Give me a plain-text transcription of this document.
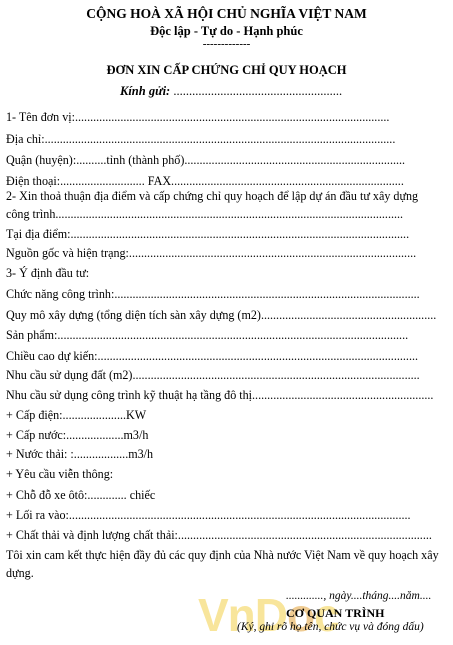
CỘNG HOÀ XÃ HỘI CHỦ NGHĨA VIỆT NAM
Độc lập - Tự do - Hạnh phúc
-------------
ĐƠN XIN CẤP CHỨNG CHỈ QUY HOẠCH
Kính gửi: ......................................................
1- Tên đơn vị:........................................................................................................
Địa chỉ:....................................................................................................................
Quận (huyện):..........tỉnh (thành phố).........................................................................
Điện thoại:............................ FAX.............................................................................
2- Xin thoả thuận địa điểm và cấp chứng chỉ quy hoạch để lập dự án đầu tư xây dựng
công trình...................................................................................................................
Tại địa điểm:................................................................................................................
Nguồn gốc và hiện trạng:...............................................................................................
3- Ý định đầu tư:
Chức năng công trình:.....................................................................................................
Quy mô xây dựng (tổng diện tích sàn xây dựng (m2)..........................................................
Sản phẩm:....................................................................................................................
Chiều cao dự kiến:..........................................................................................................
Nhu cầu sử dụng đất (m2)...............................................................................................
Nhu cầu sử dụng công trình kỹ thuật hạ tầng đô thị............................................................
+ Cấp điện:.....................KW
+ Cấp nước:...................m3/h
+ Nước thải: :..................m3/h
+ Yêu cầu viễn thông:
+ Chỗ đỗ xe ôtô:............. chiếc
+ Lối ra vào:.................................................................................................................
+ Chất thải và định lượng chất thải:....................................................................................
Tôi xin cam kết thực hiện đầy đủ các quy định của Nhà nước Việt Nam về quy hoạch xây
dựng.
VnDoc
............., ngày....tháng....năm....
CƠ QUAN TRÌNH
(Ký, ghi rõ họ tên, chức vụ và đóng dấu)
